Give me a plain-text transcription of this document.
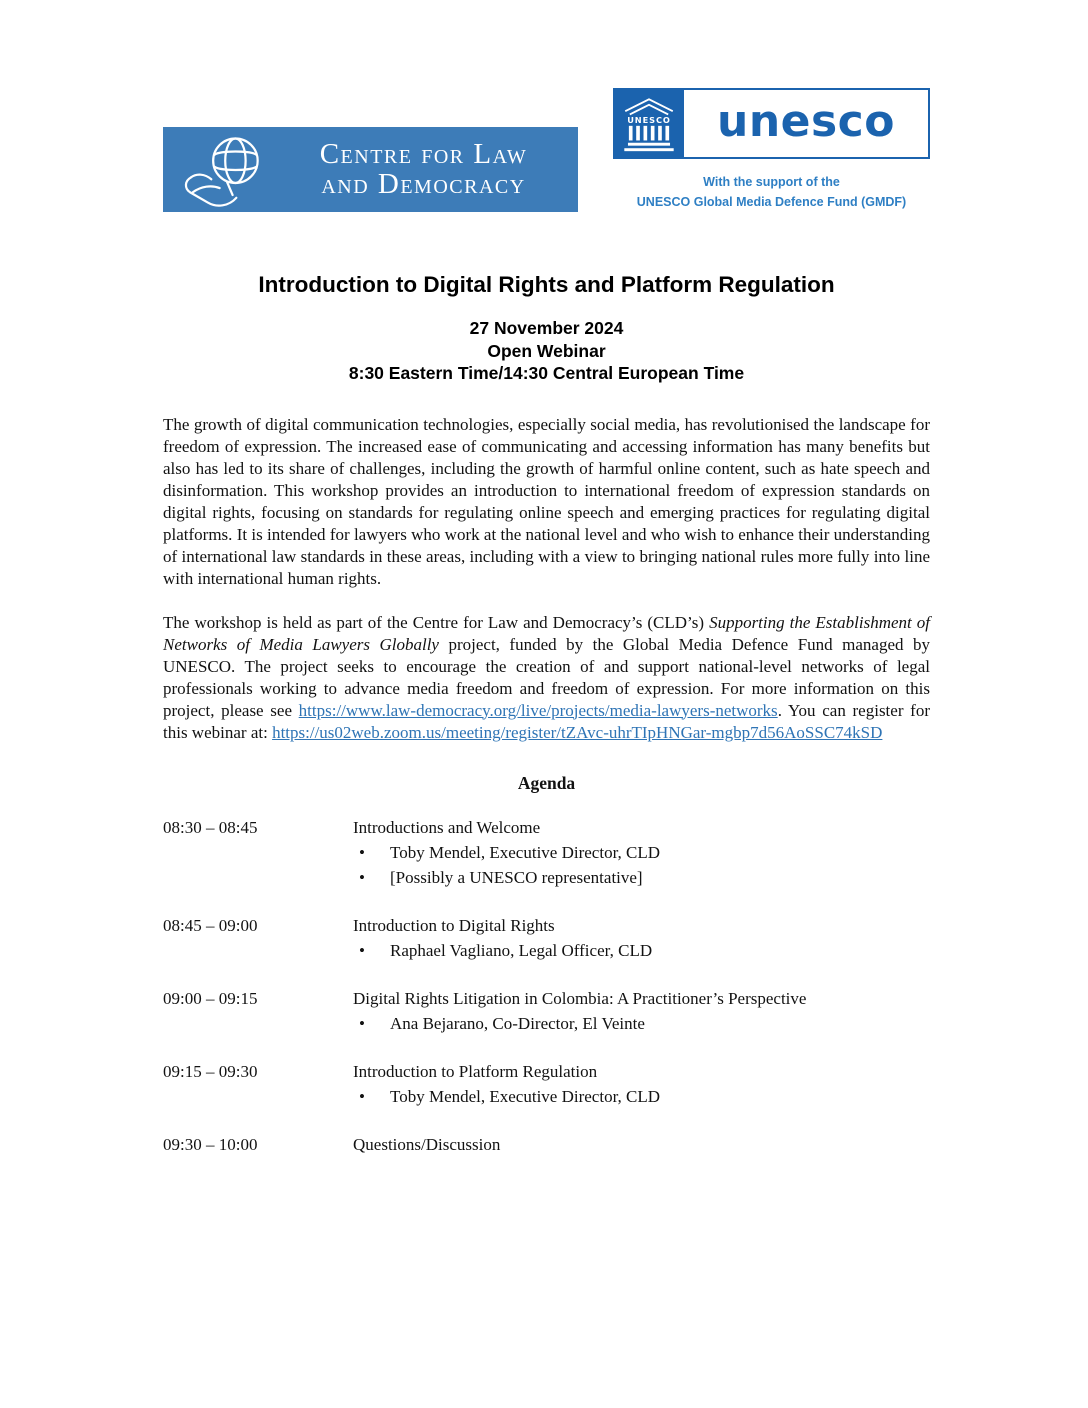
Centre for Law
and Democracy
UNESCO unesco
With the support of the
UNESCO Global Media Defence Fund (GMDF)
Introduction to Digital Rights and Platform Regulation
27 November 2024
Open Webinar
8:30 Eastern Time/14:30 Central European Time

The growth of digital communication technologies, especially social media, has revolutionised the landscape for freedom of expression. The increased ease of communicating and accessing information has many benefits but also has led to its share of challenges, including the growth of harmful online content, such as hate speech and disinformation. This workshop provides an introduction to international freedom of expression standards on digital rights, focusing on standards for regulating online speech and emerging practices for regulating digital platforms. It is intended for lawyers who work at the national level and who wish to enhance their understanding of international law standards in these areas, including with a view to bringing national rules more fully into line with international human rights.

The workshop is held as part of the Centre for Law and Democracy’s (CLD’s) Supporting the Establishment of Networks of Media Lawyers Globally project, funded by the Global Media Defence Fund managed by UNESCO. The project seeks to encourage the creation of and support national-level networks of legal professionals working to advance media freedom and freedom of expression. For more information on this project, please see https://www.law-democracy.org/live/projects/media-lawyers-networks. You can register for this webinar at: https://us02web.zoom.us/meeting/register/tZAvc-uhrTIpHNGar-mgbp7d56AoSSC74kSD

Agenda
08:30 – 08:45	Introductions and Welcome
• Toby Mendel, Executive Director, CLD
• [Possibly a UNESCO representative]
08:45 – 09:00	Introduction to Digital Rights
• Raphael Vagliano, Legal Officer, CLD
09:00 – 09:15	Digital Rights Litigation in Colombia: A Practitioner’s Perspective
• Ana Bejarano, Co-Director, El Veinte
09:15 – 09:30	Introduction to Platform Regulation
• Toby Mendel, Executive Director, CLD
09:30 – 10:00	Questions/Discussion
